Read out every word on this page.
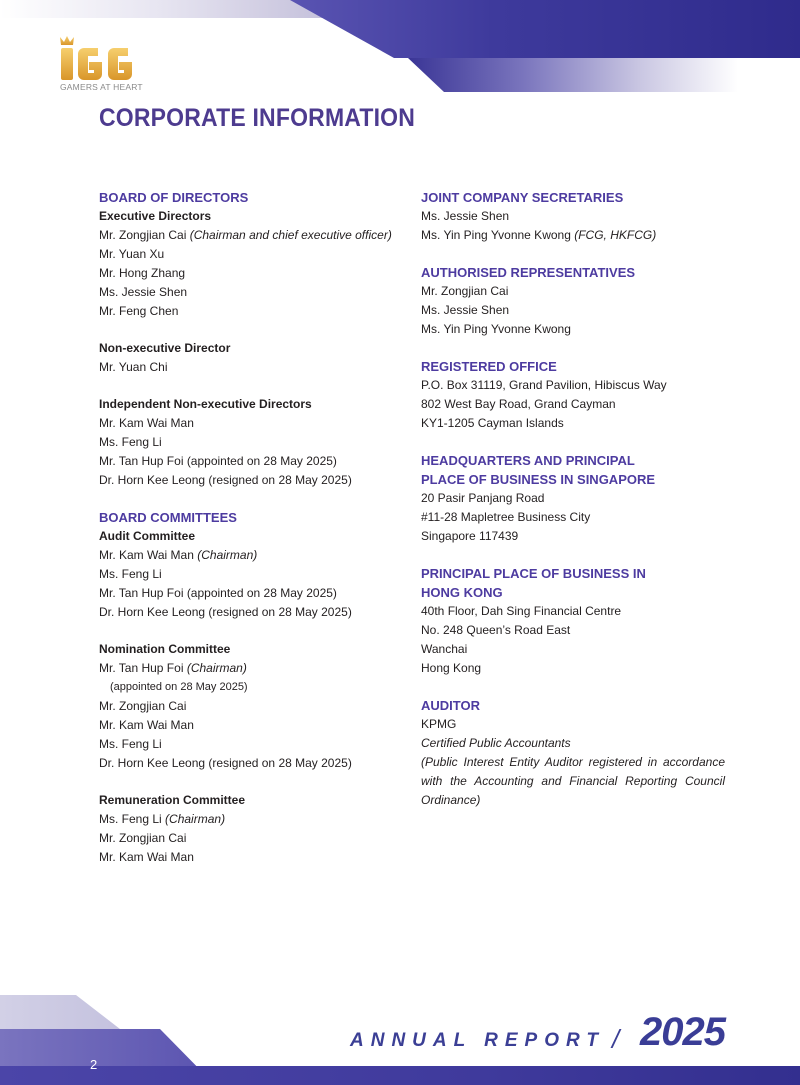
GAMERS AT HEART
CORPORATE INFORMATION
BOARD OF DIRECTORS
Executive Directors
Mr. Zongjian Cai (Chairman and chief executive officer)
Mr. Yuan Xu
Mr. Hong Zhang
Ms. Jessie Shen
Mr. Feng Chen
Non-executive Director
Mr. Yuan Chi
Independent Non-executive Directors
Mr. Kam Wai Man
Ms. Feng Li
Mr. Tan Hup Foi (appointed on 28 May 2025)
Dr. Horn Kee Leong (resigned on 28 May 2025)
BOARD COMMITTEES
Audit Committee
Mr. Kam Wai Man (Chairman)
Ms. Feng Li
Mr. Tan Hup Foi (appointed on 28 May 2025)
Dr. Horn Kee Leong (resigned on 28 May 2025)
Nomination Committee
Mr. Tan Hup Foi (Chairman)
(appointed on 28 May 2025)
Mr. Zongjian Cai
Mr. Kam Wai Man
Ms. Feng Li
Dr. Horn Kee Leong (resigned on 28 May 2025)
Remuneration Committee
Ms. Feng Li (Chairman)
Mr. Zongjian Cai
Mr. Kam Wai Man
JOINT COMPANY SECRETARIES
Ms. Jessie Shen
Ms. Yin Ping Yvonne Kwong (FCG, HKFCG)
AUTHORISED REPRESENTATIVES
Mr. Zongjian Cai
Ms. Jessie Shen
Ms. Yin Ping Yvonne Kwong
REGISTERED OFFICE
P.O. Box 31119, Grand Pavilion, Hibiscus Way
802 West Bay Road, Grand Cayman
KY1-1205 Cayman Islands
HEADQUARTERS AND PRINCIPAL
PLACE OF BUSINESS IN SINGAPORE
20 Pasir Panjang Road
#11-28 Mapletree Business City
Singapore 117439
PRINCIPAL PLACE OF BUSINESS IN
HONG KONG
40th Floor, Dah Sing Financial Centre
No. 248 Queen’s Road East
Wanchai
Hong Kong
AUDITOR
KPMG
Certified Public Accountants
(Public Interest Entity Auditor registered in accordance with the Accounting and Financial Reporting Council Ordinance)
2
ANNUAL REPORT / 2025
